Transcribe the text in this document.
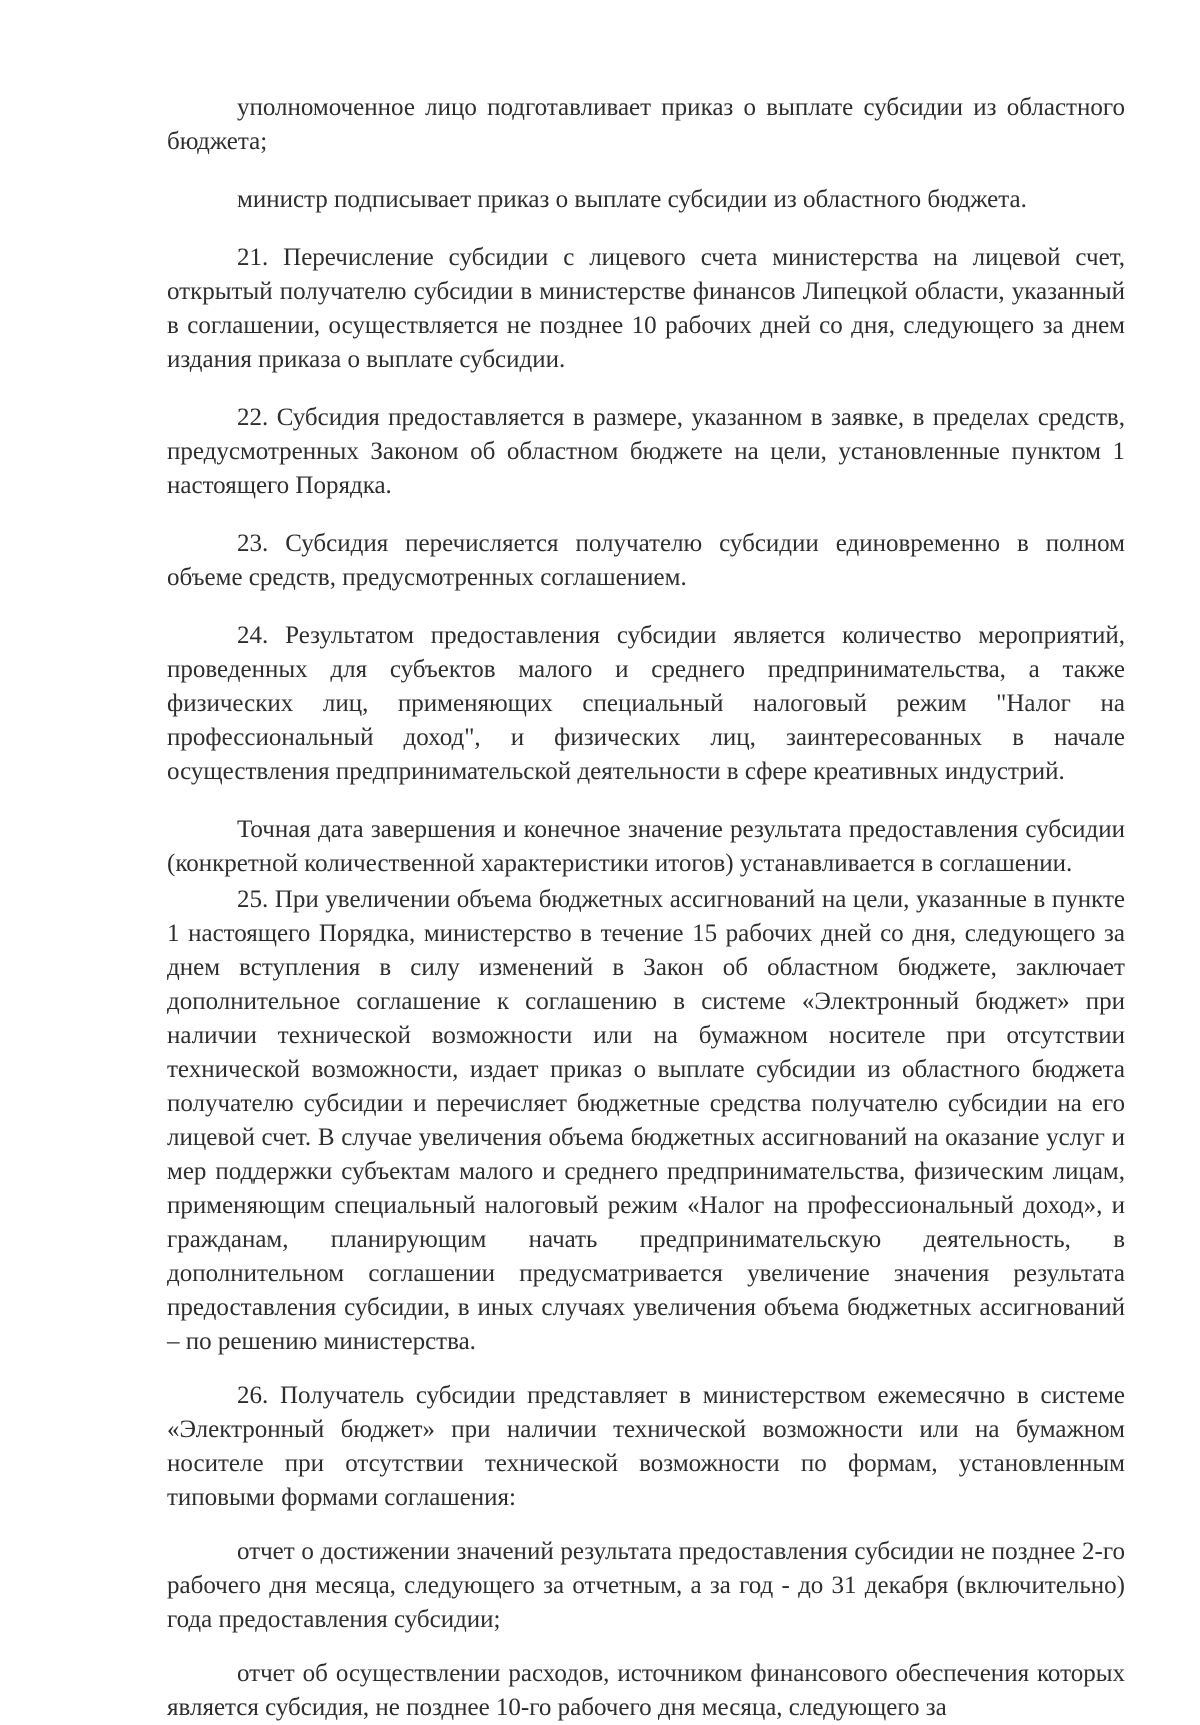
уполномоченное лицо подготавливает приказ о выплате субсидии из областного бюджета;

министр подписывает приказ о выплате субсидии из областного бюджета.

21. Перечисление субсидии с лицевого счета министерства на лицевой счет, открытый получателю субсидии в министерстве финансов Липецкой области, указанный в соглашении, осуществляется не позднее 10 рабочих дней со дня, следующего за днем издания приказа о выплате субсидии.

22. Субсидия предоставляется в размере, указанном в заявке, в пределах средств, предусмотренных Законом об областном бюджете на цели, установленные пунктом 1 настоящего Порядка.

23. Субсидия перечисляется получателю субсидии единовременно в полном объеме средств, предусмотренных соглашением.

24. Результатом предоставления субсидии является количество мероприятий, проведенных для субъектов малого и среднего предпринимательства, а также физических лиц, применяющих специальный налоговый режим "Налог на профессиональный доход", и физических лиц, заинтересованных в начале осуществления предпринимательской деятельности в сфере креативных индустрий.

Точная дата завершения и конечное значение результата предоставления субсидии (конкретной количественной характеристики итогов) устанавливается в соглашении.

25. При увеличении объема бюджетных ассигнований на цели, указанные в пункте 1 настоящего Порядка, министерство в течение 15 рабочих дней со дня, следующего за днем вступления в силу изменений в Закон об областном бюджете, заключает дополнительное соглашение к соглашению в системе «Электронный бюджет» при наличии технической возможности или на бумажном носителе при отсутствии технической возможности, издает приказ о выплате субсидии из областного бюджета получателю субсидии и перечисляет бюджетные средства получателю субсидии на его лицевой счет. В случае увеличения объема бюджетных ассигнований на оказание услуг и мер поддержки субъектам малого и среднего предпринимательства, физическим лицам, применяющим специальный налоговый режим «Налог на профессиональный доход», и гражданам, планирующим начать предпринимательскую деятельность, в дополнительном соглашении предусматривается увеличение значения результата предоставления субсидии, в иных случаях увеличения объема бюджетных ассигнований – по решению министерства.

26. Получатель субсидии представляет в министерством ежемесячно в системе «Электронный бюджет» при наличии технической возможности или на бумажном носителе при отсутствии технической возможности по формам, установленным типовыми формами соглашения:

отчет о достижении значений результата предоставления субсидии не позднее 2-го рабочего дня месяца, следующего за отчетным, а за год - до 31 декабря (включительно) года предоставления субсидии;

отчет об осуществлении расходов, источником финансового обеспечения которых является субсидия, не позднее 10-го рабочего дня месяца, следующего за
